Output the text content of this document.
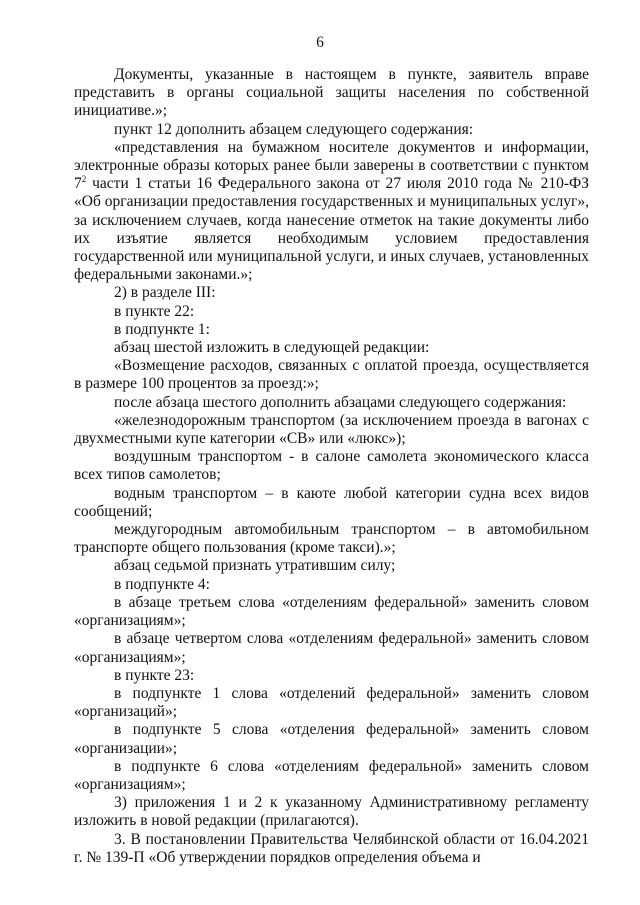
6

Документы, указанные в настоящем в пункте, заявитель вправе представить в органы социальной защиты населения по собственной инициативе.»;

пункт 12 дополнить абзацем следующего содержания:

«представления на бумажном носителе документов и информации, электронные образы которых ранее были заверены в соответствии с пунктом $7^2$ части 1 статьи 16 Федерального закона от 27 июля 2010 года № 210-ФЗ «Об организации предоставления государственных и муниципальных услуг», за исключением случаев, когда нанесение отметок на такие документы либо их изъятие является необходимым условием предоставления государственной или муниципальной услуги, и иных случаев, установленных федеральными законами.»;

2) в разделе III:

в пункте 22:

в подпункте 1:

абзац шестой изложить в следующей редакции:

«Возмещение расходов, связанных с оплатой проезда, осуществляется в размере 100 процентов за проезд:»;

после абзаца шестого дополнить абзацами следующего содержания:

«железнодорожным транспортом (за исключением проезда в вагонах с двухместными купе категории «СВ» или «люкс»);

воздушным транспортом - в салоне самолета экономического класса всех типов самолетов;

водным транспортом – в каюте любой категории судна всех видов сообщений;

междугородным автомобильным транспортом – в автомобильном транспорте общего пользования (кроме такси).»;

абзац седьмой признать утратившим силу;

в подпункте 4:

в абзаце третьем слова «отделениям федеральной» заменить словом «организациям»;

в абзаце четвертом слова «отделениям федеральной» заменить словом «организациям»;

в пункте 23:

в подпункте 1 слова «отделений федеральной» заменить словом «организаций»;

в подпункте 5 слова «отделения федеральной» заменить словом «организации»;

в подпункте 6 слова «отделениям федеральной» заменить словом «организациям»;

3) приложения 1 и 2 к указанному Административному регламенту изложить в новой редакции (прилагаются).

3. В постановлении Правительства Челябинской области от 16.04.2021 г. № 139-П «Об утверждении порядков определения объема и
